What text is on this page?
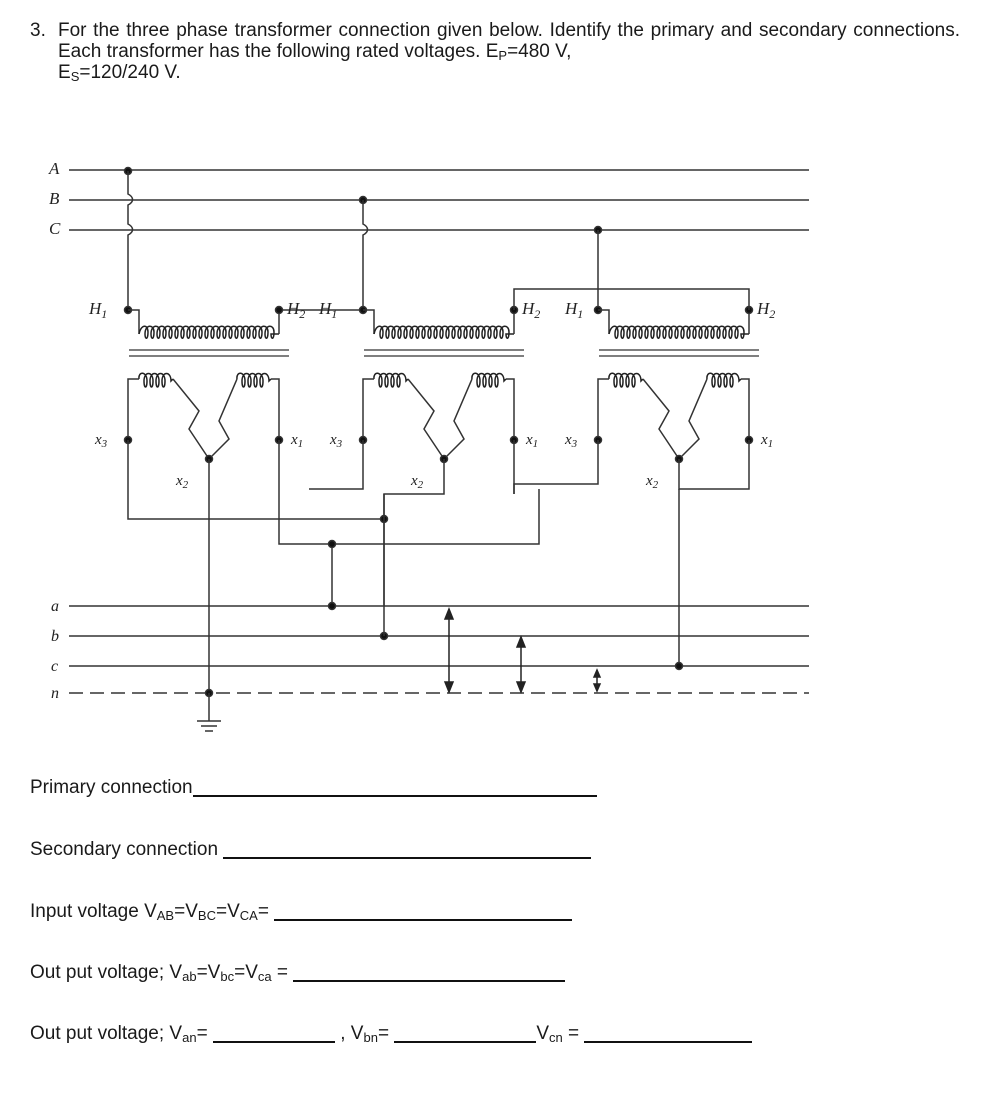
3. For the three phase transformer connection given below. Identify the primary and secondary connections. Each transformer has the following rated voltages. $E_P=480$ V,
$E_S=120/240$ V.
A
B
C
$H_1$	$H_2$
$x_3$	$x_1$
$x_2$
$H_1$	$H_2$
$x_3$	$x_1$
$x_2$
$H_1$	$H_2$
$x_3$	$x_1$
$x_2$
a
b
c
n
Primary connection
Secondary connection
Input voltage $V_{AB}=V_{BC}=V_{CA}=$
Out put voltage; $V_{ab}=V_{bc}=V_{ca}$ =
Out put voltage; $V_{an}=$	, $V_{bn}=$	$V_{cn}$ =
